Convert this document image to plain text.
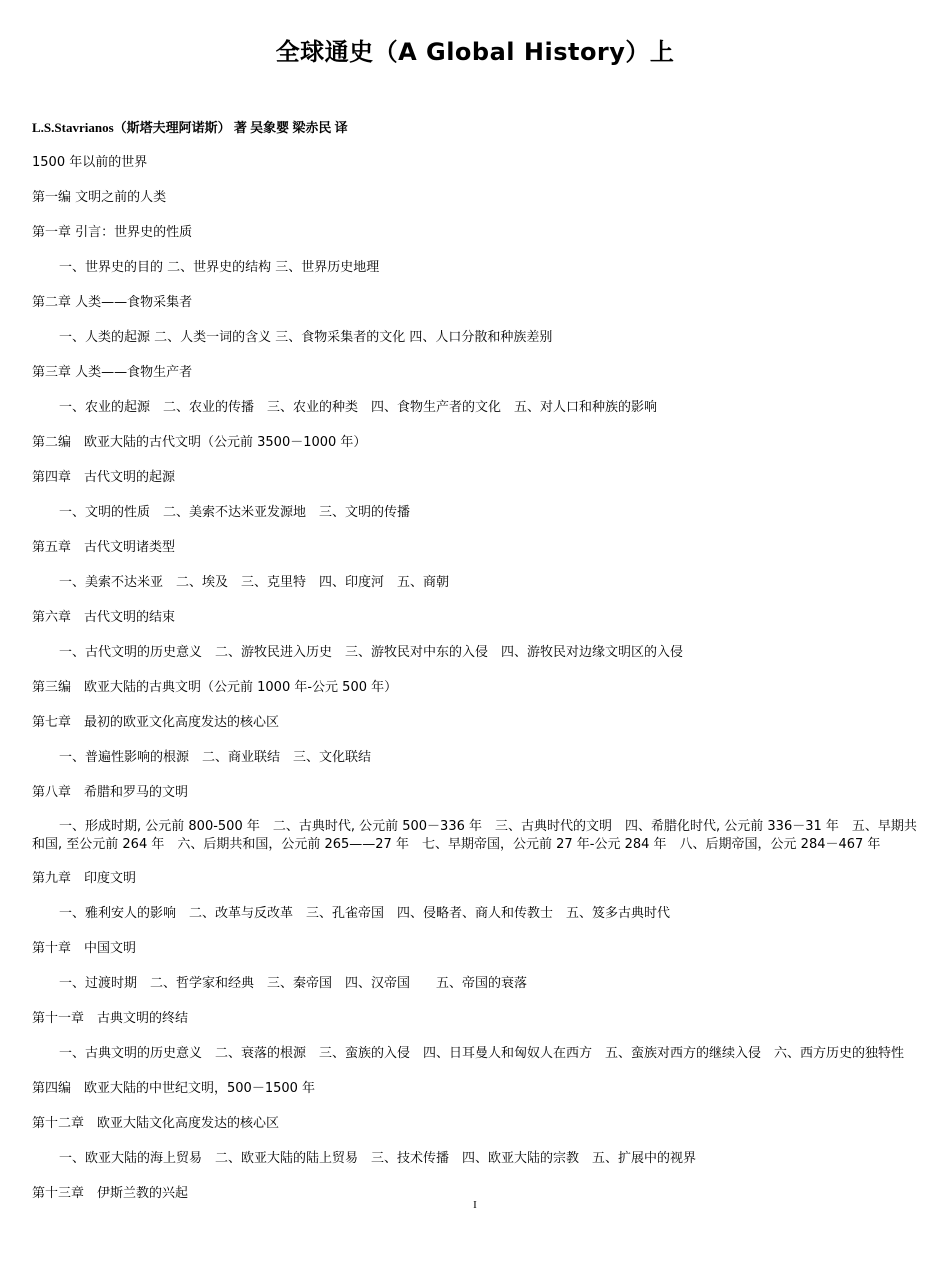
全球通史（A Global History）上
L.S.Stavrianos（斯塔夫理阿诺斯） 著 吴象婴 梁赤民 译
1500 年以前的世界
第一编 文明之前的人类
第一章 引言：世界史的性质
一、世界史的目的 二、世界史的结构 三、世界历史地理
第二章 人类——食物采集者
一、人类的起源 二、人类一词的含义 三、食物采集者的文化 四、人口分散和种族差别
第三章 人类——食物生产者
一、农业的起源　二、农业的传播　三、农业的种类　四、食物生产者的文化　五、对人口和种族的影响
第二编　欧亚大陆的古代文明（公元前 3500－1000 年）
第四章　古代文明的起源
一、文明的性质　二、美索不达米亚发源地　三、文明的传播
第五章　古代文明诸类型
一、美索不达米亚　二、埃及　三、克里特　四、印度河　五、商朝
第六章　古代文明的结束
一、古代文明的历史意义　二、游牧民进入历史　三、游牧民对中东的入侵　四、游牧民对边缘文明区的入侵
第三编　欧亚大陆的古典文明（公元前 1000 年-公元 500 年）
第七章　最初的欧亚文化高度发达的核心区
一、普遍性影响的根源　二、商业联结　三、文化联结
第八章　希腊和罗马的文明
一、形成时期, 公元前 800-500 年　二、古典时代, 公元前 500－336 年　三、古典时代的文明　四、希腊化时代, 公元前 336－31 年　五、早期共和国, 至公元前 264 年　六、后期共和国，公元前 265——27 年　七、早期帝国，公元前 27 年-公元 284 年　八、后期帝国，公元 284－467 年
第九章　印度文明
一、雅利安人的影响　二、改革与反改革　三、孔雀帝国　四、侵略者、商人和传教士　五、笈多古典时代
第十章　中国文明
一、过渡时期　二、哲学家和经典　三、秦帝国　四、汉帝国　　五、帝国的衰落
第十一章　古典文明的终结
一、古典文明的历史意义　二、衰落的根源　三、蛮族的入侵　四、日耳曼人和匈奴人在西方　五、蛮族对西方的继续入侵　六、西方历史的独特性
第四编　欧亚大陆的中世纪文明，500－1500 年
第十二章　欧亚大陆文化高度发达的核心区
一、欧亚大陆的海上贸易　二、欧亚大陆的陆上贸易　三、技术传播　四、欧亚大陆的宗教　五、扩展中的视界
第十三章　伊斯兰教的兴起
I
